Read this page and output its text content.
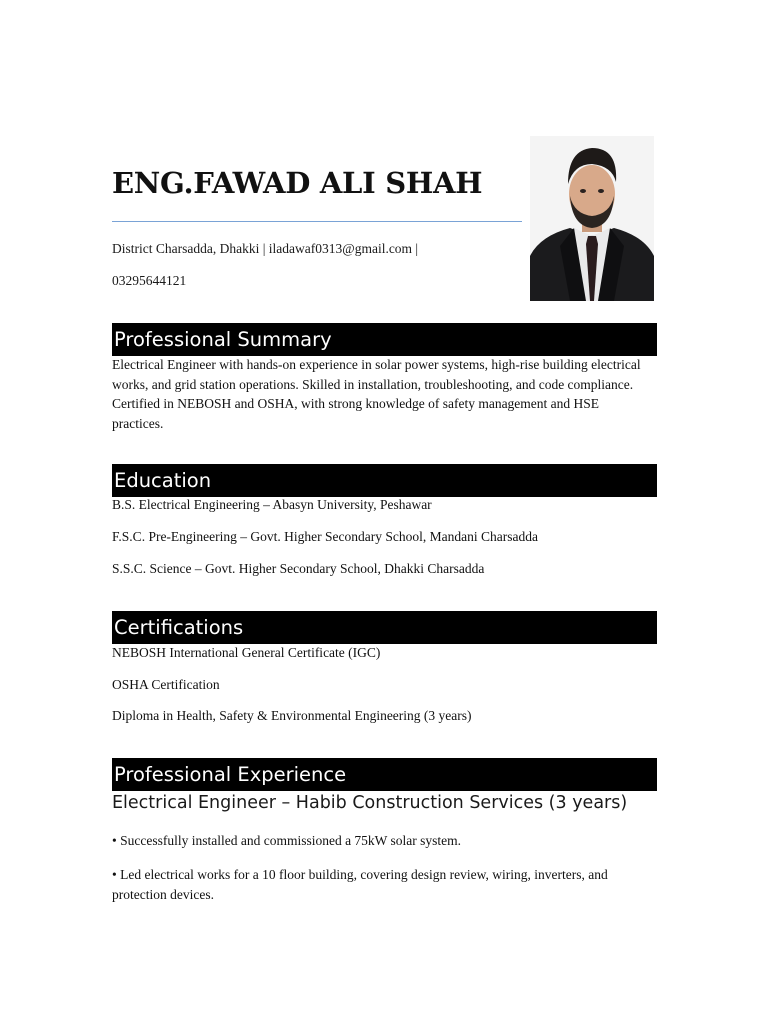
ENG.FAWAD ALI SHAH
District Charsadda, Dhakki | iladawaf0313@gmail.com |
03295644121
Professional Summary
Electrical Engineer with hands-on experience in solar power systems, high-rise building electrical works, and grid station operations. Skilled in installation, troubleshooting, and code compliance. Certified in NEBOSH and OSHA, with strong knowledge of safety management and HSE practices.
Education
B.S. Electrical Engineering – Abasyn University, Peshawar
F.S.C. Pre-Engineering – Govt. Higher Secondary School, Mandani Charsadda
S.S.C. Science – Govt. Higher Secondary School, Dhakki Charsadda
Certifications
NEBOSH International General Certificate (IGC)
OSHA Certification
Diploma in Health, Safety & Environmental Engineering (3 years)
Professional Experience
Electrical Engineer – Habib Construction Services (3 years)
• Successfully installed and commissioned a 75kW solar system.
• Led electrical works for a 10 floor building, covering design review, wiring, inverters, and protection devices.
